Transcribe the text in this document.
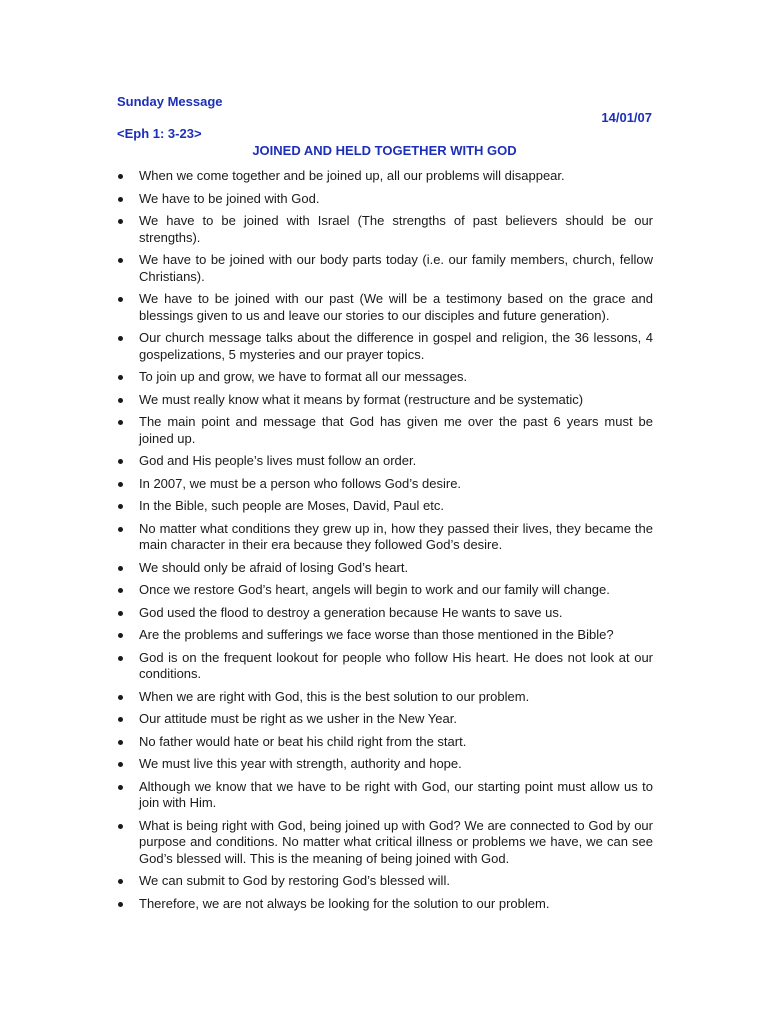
Sunday Message
14/01/07
<Eph 1: 3-23>
JOINED AND HELD TOGETHER WITH GOD
When we come together and be joined up, all our problems will disappear.
We have to be joined with God.
We have to be joined with Israel (The strengths of past believers should be our strengths).
We have to be joined with our body parts today (i.e. our family members, church, fellow Christians).
We have to be joined with our past (We will be a testimony based on the grace and blessings given to us and leave our stories to our disciples and future generation).
Our church message talks about the difference in gospel and religion, the 36 lessons, 4 gospelizations, 5 mysteries and our prayer topics.
To join up and grow, we have to format all our messages.
We must really know what it means by format (restructure and be systematic)
The main point and message that God has given me over the past 6 years must be joined up.
God and His people’s lives must follow an order.
In 2007, we must be a person who follows God’s desire.
In the Bible, such people are Moses, David, Paul etc.
No matter what conditions they grew up in, how they passed their lives, they became the main character in their era because they followed God’s desire.
We should only be afraid of losing God’s heart.
Once we restore God’s heart, angels will begin to work and our family will change.
God used the flood to destroy a generation because He wants to save us.
Are the problems and sufferings we face worse than those mentioned in the Bible?
God is on the frequent lookout for people who follow His heart. He does not look at our conditions.
When we are right with God, this is the best solution to our problem.
Our attitude must be right as we usher in the New Year.
No father would hate or beat his child right from the start.
We must live this year with strength, authority and hope.
Although we know that we have to be right with God, our starting point must allow us to join with Him.
What is being right with God, being joined up with God? We are connected to God by our purpose and conditions. No matter what critical illness or problems we have, we can see God’s blessed will. This is the meaning of being joined with God.
We can submit to God by restoring God’s blessed will.
Therefore, we are not always be looking for the solution to our problem.
